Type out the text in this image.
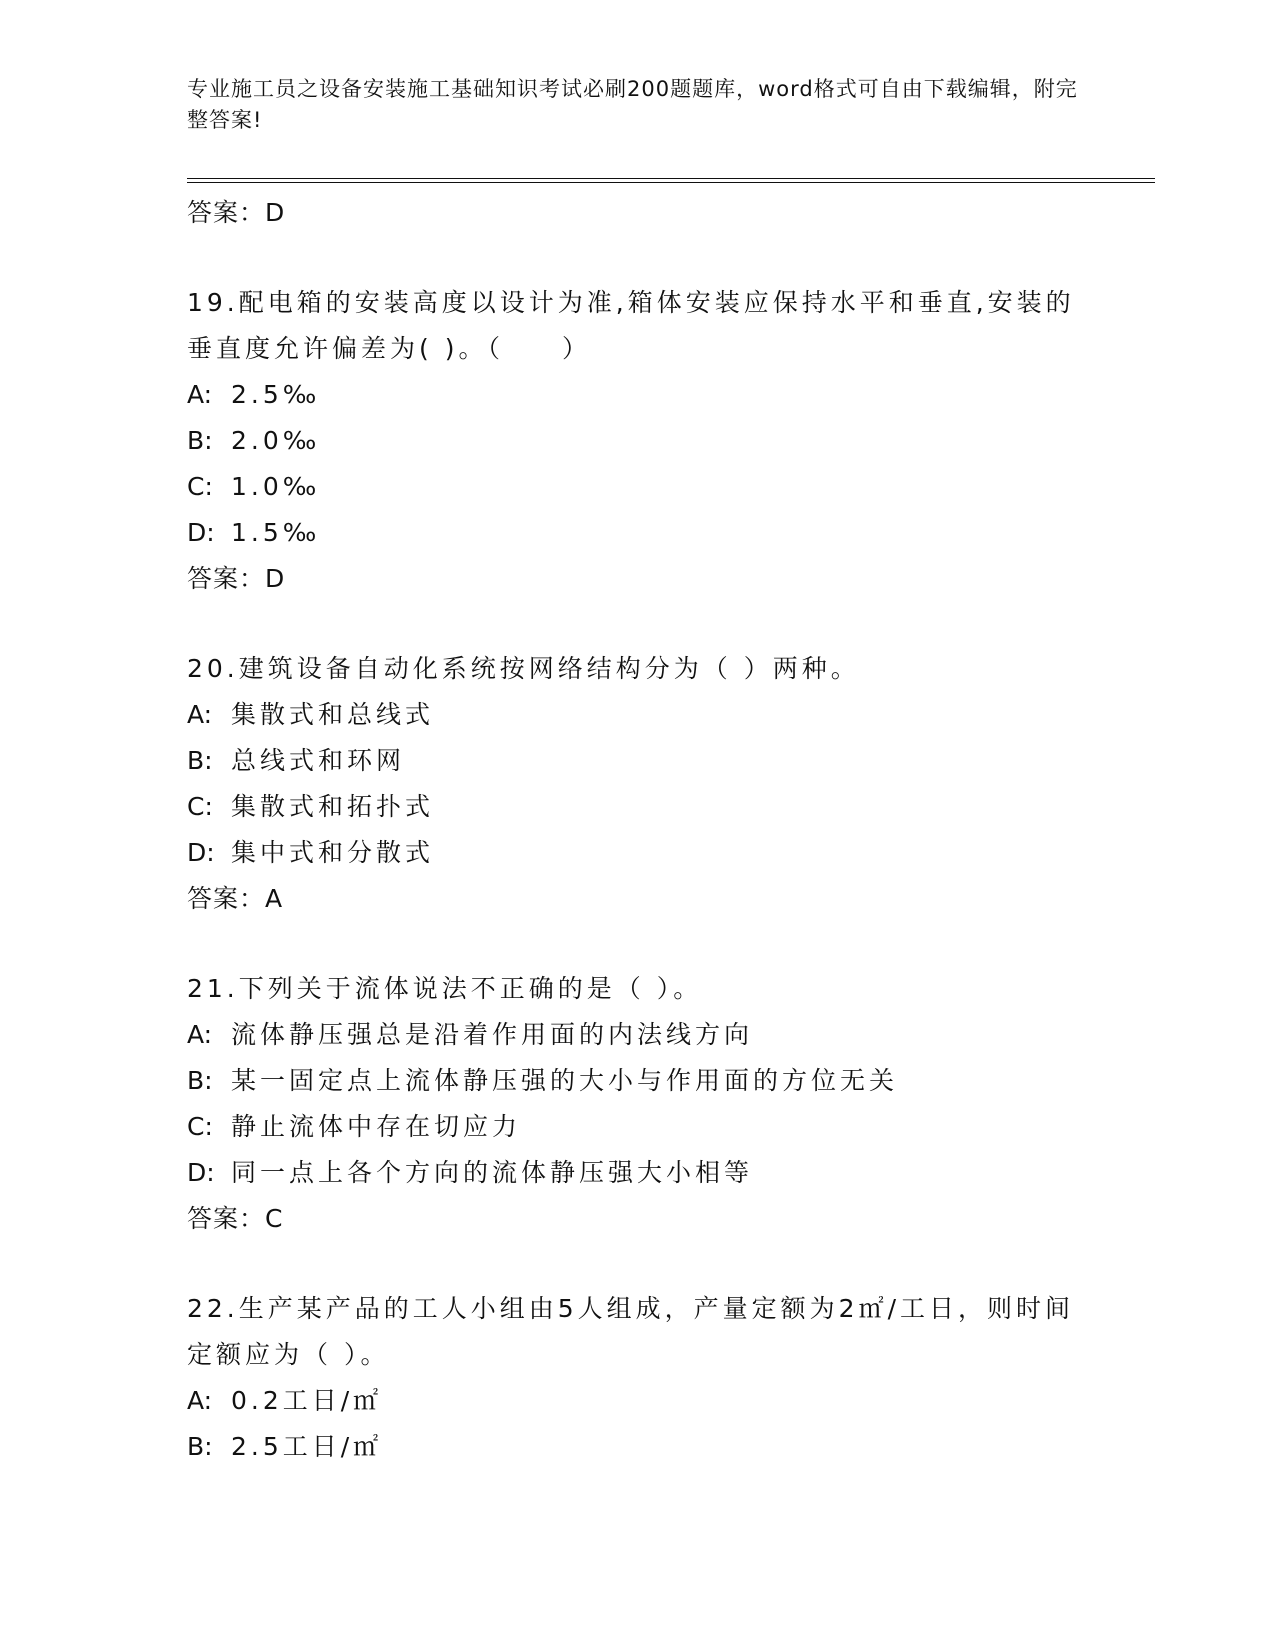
专业施工员之设备安装施工基础知识考试必刷200题题库，word格式可自由下载编辑，附完整答案!
答案：D
19.配电箱的安装高度以设计为准,箱体安装应保持水平和垂直,安装的垂直度允许偏差为( )。（　　）
A: 2.5‰
B: 2.0‰
C: 1.0‰
D: 1.5‰
答案：D
20.建筑设备自动化系统按网络结构分为（ ）两种。
A: 集散式和总线式
B: 总线式和环网
C: 集散式和拓扑式
D: 集中式和分散式
答案：A
21.下列关于流体说法不正确的是（ ）。
A: 流体静压强总是沿着作用面的内法线方向
B: 某一固定点上流体静压强的大小与作用面的方位无关
C: 静止流体中存在切应力
D: 同一点上各个方向的流体静压强大小相等
答案：C
22.生产某产品的工人小组由5人组成，产量定额为2㎡/工日，则时间定额应为（ ）。
A: 0.2工日/㎡
B: 2.5工日/㎡
